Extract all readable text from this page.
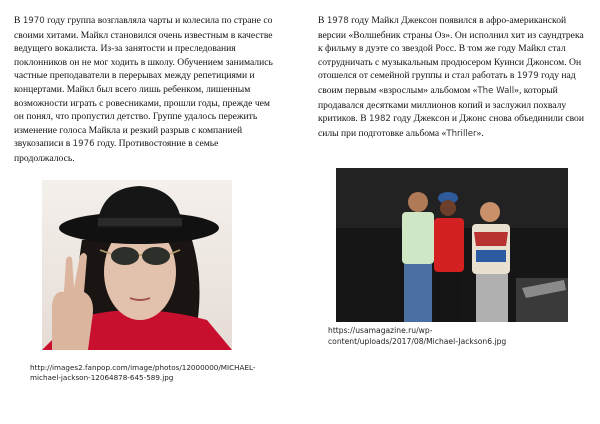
В 1970 году группа возглавляла чарты и колесила по стране со своими хитами. Майкл становился очень известным в качестве ведущего вокалиста. Из-за занятости и преследования поклонников он не мог ходить в школу. Обучением занимались частные преподаватели в перерывах между репетициями и концертами. Майкл был всего лишь ребенком, лишенным возможности играть с ровесниками, прошли годы, прежде чем он понял, что пропустил детство. Группе удалось пережить изменение голоса Майкла и резкий разрыв с компанией звукозаписи в 1976 году. Противостояние в семье продолжалось.

http://images2.fanpop.com/image/photos/12000000/MICHAEL-michael-jackson-12064878-645-589.jpg

В 1978 году Майкл Джексон появился в афро-американской версии «Волшебник страны Оз». Он исполнил хит из саундтрека к фильму в дуэте со звездой Росс. В том же году Майкл стал сотрудничать с музыкальным продюсером Куинси Джонсом. Он отошелся от семейной группы и стал работать в 1979 году над своим первым «взрослым» альбомом «The Wall», который продавался десятками миллионов копий и заслужил похвалу критиков. В 1982 году Джексон и Джонс снова объединили свои силы при подготовке альбома «Thriller».

https://usamagazine.ru/wp-content/uploads/2017/08/Michael-Jackson6.jpg
